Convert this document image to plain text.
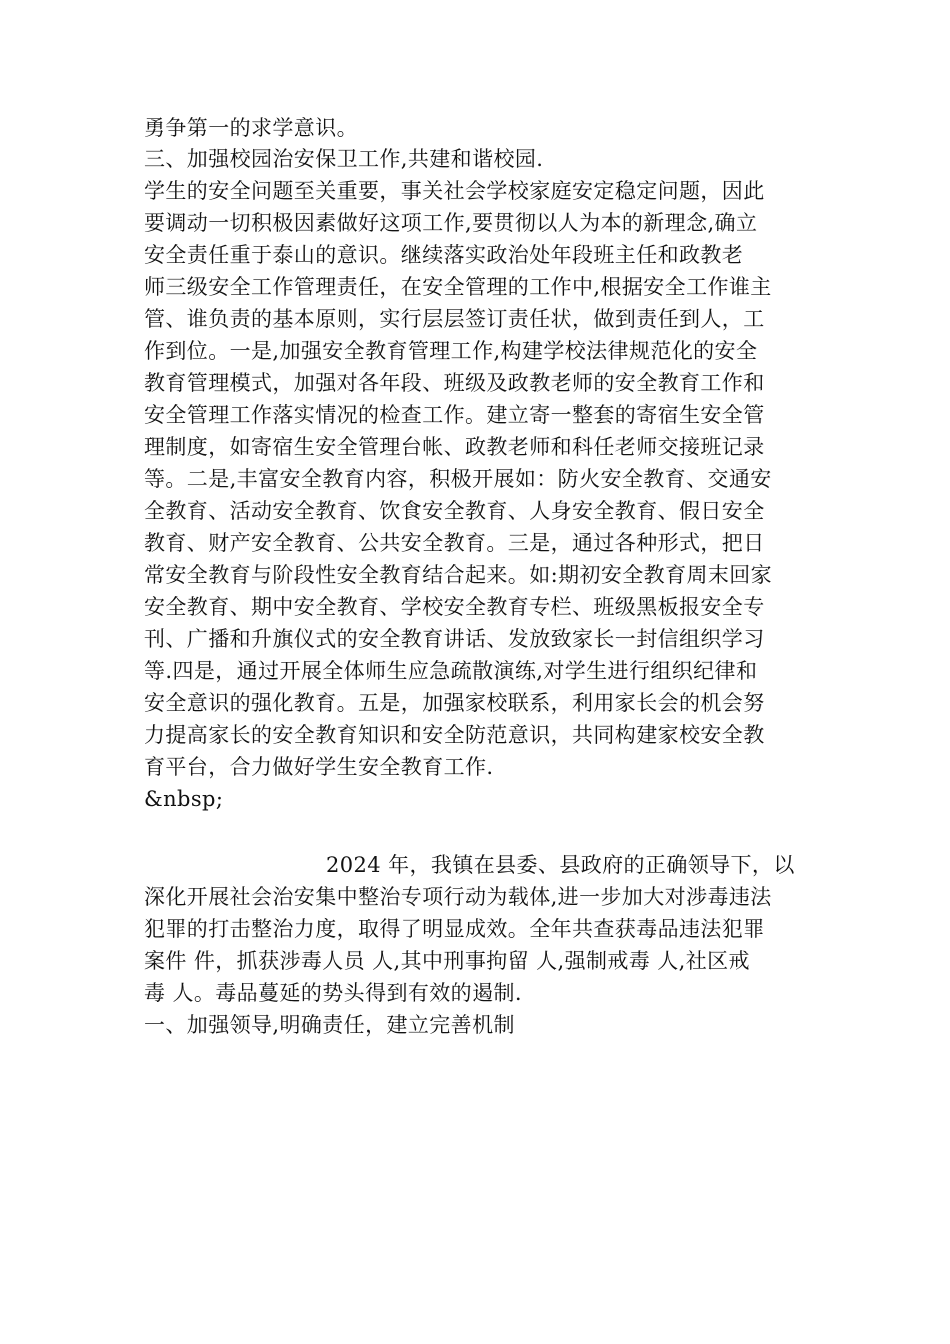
勇争第一的求学意识。
三、加强校园治安保卫工作,共建和谐校园.
学生的安全问题至关重要，事关社会学校家庭安定稳定问题，因此
要调动一切积极因素做好这项工作,要贯彻以人为本的新理念,确立
安全责任重于泰山的意识。继续落实政治处年段班主任和政教老
师三级安全工作管理责任，在安全管理的工作中,根据安全工作谁主
管、谁负责的基本原则，实行层层签订责任状，做到责任到人，工
作到位。一是,加强安全教育管理工作,构建学校法律规范化的安全
教育管理模式，加强对各年段、班级及政教老师的安全教育工作和
安全管理工作落实情况的检查工作。建立寄一整套的寄宿生安全管
理制度，如寄宿生安全管理台帐、政教老师和科任老师交接班记录
等。二是,丰富安全教育内容，积极开展如：防火安全教育、交通安
全教育、活动安全教育、饮食安全教育、人身安全教育、假日安全
教育、财产安全教育、公共安全教育。三是，通过各种形式，把日
常安全教育与阶段性安全教育结合起来。如:期初安全教育周末回家
安全教育、期中安全教育、学校安全教育专栏、班级黑板报安全专
刊、广播和升旗仪式的安全教育讲话、发放致家长一封信组织学习
等.四是，通过开展全体师生应急疏散演练,对学生进行组织纪律和
安全意识的强化教育。五是，加强家校联系，利用家长会的机会努
力提高家长的安全教育知识和安全防范意识，共同构建家校安全教
育平台，合力做好学生安全教育工作.
&nbsp;
2024 年，我镇在县委、县政府的正确领导下，以
深化开展社会治安集中整治专项行动为载体,进一步加大对涉毒违法
犯罪的打击整治力度，取得了明显成效。全年共查获毒品违法犯罪
案件 件，抓获涉毒人员 人,其中刑事拘留 人,强制戒毒 人,社区戒
毒 人。毒品蔓延的势头得到有效的遏制.
一、加强领导,明确责任，建立完善机制
